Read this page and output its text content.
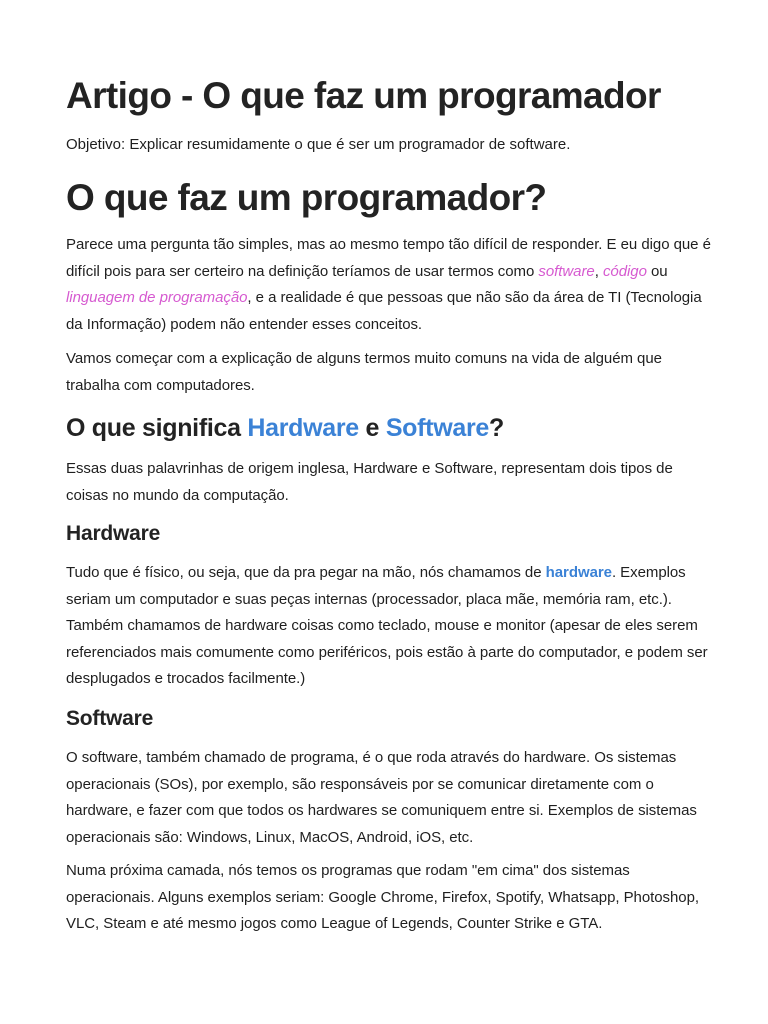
Artigo - O que faz um programador

Objetivo: Explicar resumidamente o que é ser um programador de software.

O que faz um programador?

Parece uma pergunta tão simples, mas ao mesmo tempo tão difícil de responder. E eu digo que é difícil pois para ser certeiro na definição teríamos de usar termos como software, código ou linguagem de programação, e a realidade é que pessoas que não são da área de TI (Tecnologia da Informação) podem não entender esses conceitos.

Vamos começar com a explicação de alguns termos muito comuns na vida de alguém que trabalha com computadores.

O que significa Hardware e Software?

Essas duas palavrinhas de origem inglesa, Hardware e Software, representam dois tipos de coisas no mundo da computação.

Hardware

Tudo que é físico, ou seja, que da pra pegar na mão, nós chamamos de hardware. Exemplos seriam um computador e suas peças internas (processador, placa mãe, memória ram, etc.). Também chamamos de hardware coisas como teclado, mouse e monitor (apesar de eles serem referenciados mais comumente como periféricos, pois estão à parte do computador, e podem ser desplugados e trocados facilmente.)

Software

O software, também chamado de programa, é o que roda através do hardware. Os sistemas operacionais (SOs), por exemplo, são responsáveis por se comunicar diretamente com o hardware, e fazer com que todos os hardwares se comuniquem entre si. Exemplos de sistemas operacionais são: Windows, Linux, MacOS, Android, iOS, etc.

Numa próxima camada, nós temos os programas que rodam "em cima" dos sistemas operacionais. Alguns exemplos seriam: Google Chrome, Firefox, Spotify, Whatsapp, Photoshop, VLC, Steam e até mesmo jogos como League of Legends, Counter Strike e GTA.
